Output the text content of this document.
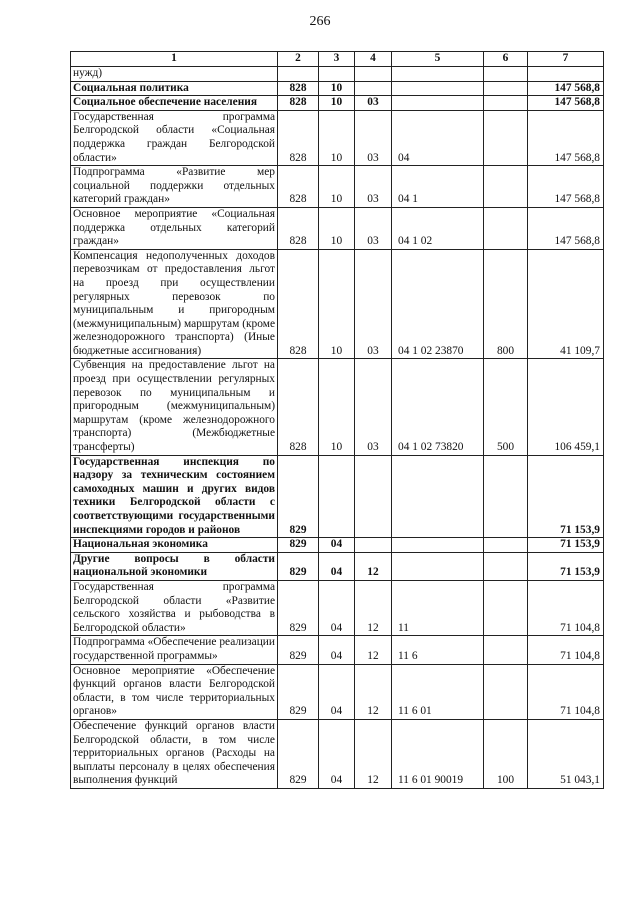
266
1	2	3	4	5	6	7
нужд)						
Социальная политика	828	10				147 568,8
Социальное обеспечение населения	828	10	03			147 568,8
Государственная программа Белгородской области «Социальная поддержка граждан Белгородской области»	828	10	03	04		147 568,8
Подпрограмма «Развитие мер социальной поддержки отдельных категорий граждан»	828	10	03	04 1		147 568,8
Основное мероприятие «Социальная поддержка отдельных категорий граждан»	828	10	03	04 1 02		147 568,8
Компенсация недополученных доходов перевозчикам от предоставления льгот на проезд при осуществлении регулярных перевозок по муниципальным и пригородным (межмуниципальным) маршрутам (кроме железнодорожного транспорта) (Иные бюджетные ассигнования)	828	10	03	04 1 02 23870	800	41 109,7
Субвенция на предоставление льгот на проезд при осуществлении регулярных перевозок по муниципальным и пригородным (межмуниципальным) маршрутам (кроме железнодорожного транспорта) (Межбюджетные трансферты)	828	10	03	04 1 02 73820	500	106 459,1
Государственная инспекция по надзору за техническим состоянием самоходных машин и других видов техники Белгородской области с соответствующими государственными инспекциями городов и районов	829					71 153,9
Национальная экономика	829	04				71 153,9
Другие вопросы в области национальной экономики	829	04	12			71 153,9
Государственная программа Белгородской области «Развитие сельского хозяйства и рыбоводства в Белгородской области»	829	04	12	11		71 104,8
Подпрограмма «Обеспечение реализации государственной программы»	829	04	12	11 6		71 104,8
Основное мероприятие «Обеспечение функций органов власти Белгородской области, в том числе территориальных органов»	829	04	12	11 6 01		71 104,8
Обеспечение функций органов власти Белгородской области, в том числе территориальных органов (Расходы на выплаты персоналу в целях обеспечения выполнения функций	829	04	12	11 6 01 90019	100	51 043,1
